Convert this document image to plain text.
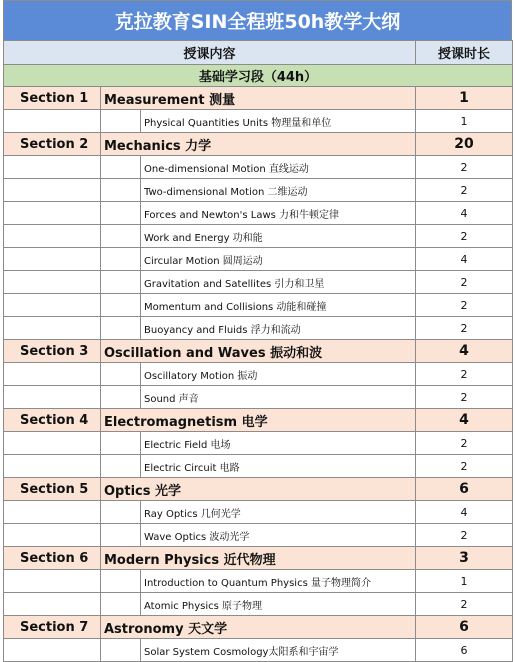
克拉教育SIN全程班50h教学大纲
授课内容			授课时长
基础学习段（44h）			
Section 1	Measurement 测量		1
		Physical Quantities Units 物理量和单位	1
Section 2	Mechanics 力学		20
		One-dimensional Motion 直线运动	2
		Two-dimensional Motion 二维运动	2
		Forces and Newton's Laws 力和牛顿定律	4
		Work and Energy 功和能	2
		Circular Motion 圆周运动	4
		Gravitation and Satellites 引力和卫星	2
		Momentum and Collisions 动能和碰撞	2
		Buoyancy and Fluids 浮力和流动	2
Section 3	Oscillation and Waves 振动和波		4
		Oscillatory Motion 振动	2
		Sound 声音	2
Section 4	Electromagnetism 电学		4
		Electric Field 电场	2
		Electric Circuit 电路	2
Section 5	Optics 光学		6
		Ray Optics 几何光学	4
		Wave Optics 波动光学	2
Section 6	Modern Physics 近代物理		3
		Introduction to Quantum Physics 量子物理简介	1
		Atomic Physics 原子物理	2
Section 7	Astronomy 天文学		6
		Solar System Cosmology太阳系和宇宙学	6
